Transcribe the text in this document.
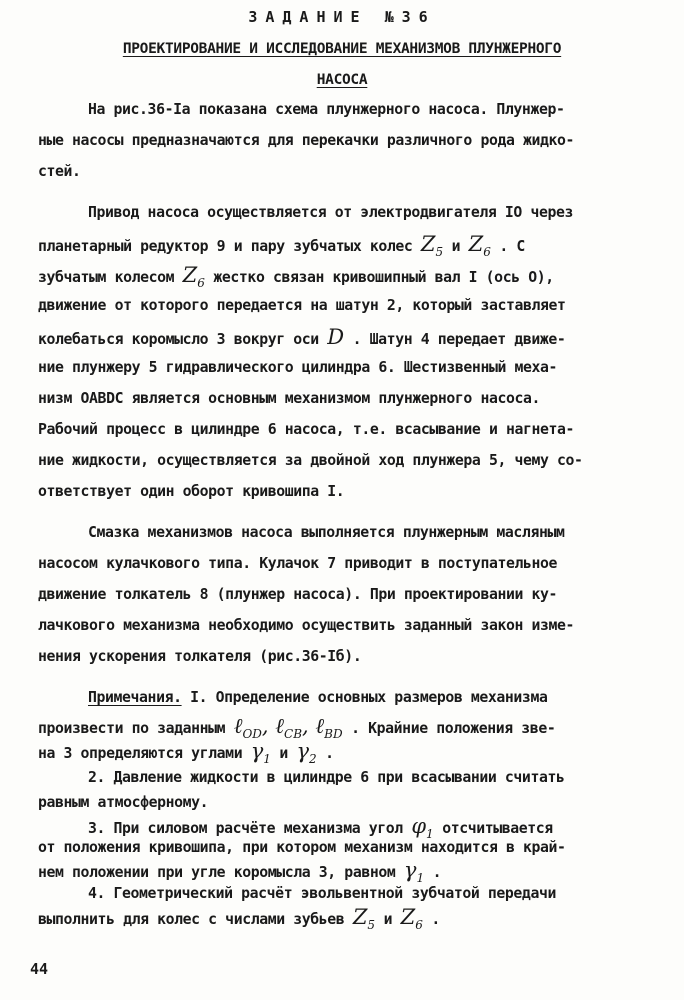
ЗАДАНИЕ №36
ПРОЕКТИРОВАНИЕ И ИССЛЕДОВАНИЕ МЕХАНИЗМОВ ПЛУНЖЕРНОГО
НАСОСА
На рис.36-Iа показана схема плунжерного насоса. Плунжер-
ные насосы предназначаются для перекачки различного рода жидко-
стей.
Привод насоса осуществляется от электродвигателя IO через
планетарный редуктор 9 и пару зубчатых колес $Z_5$ и $Z_6$ . С
зубчатым колесом $Z_6$ жестко связан кривошипный вал I (ось O),
движение от которого передается на шатун 2, который заставляет
колебаться коромысло 3 вокруг оси D . Шатун 4 передает движе-
ние плунжеру 5 гидравлического цилиндра 6. Шестизвенный меха-
низм OABDC является основным механизмом плунжерного насоса.
Рабочий процесс в цилиндре 6 насоса, т.е. всасывание и нагнета-
ние жидкости, осуществляется за двойной ход плунжера 5, чему со-
ответствует один оборот кривошипа I.
Смазка механизмов насоса выполняется плунжерным масляным
насосом кулачкового типа. Кулачок 7 приводит в поступательное
движение толкатель 8 (плунжер насоса). При проектировании ку-
лачкового механизма необходимо осуществить заданный закон изме-
нения ускорения толкателя (рис.36-Iб).
Примечания. I. Определение основных размеров механизма
произвести по заданным ℓ$_{OD}$, ℓ$_{CB}$, ℓ$_{BD}$ . Крайние положения зве-
на 3 определяются углами $\gamma_1$ и $\gamma_2$ .
2. Давление жидкости в цилиндре 6 при всасывании считать
равным атмосферному.
3. При силовом расчёте механизма угол $\varphi_1$ отсчитывается
от положения кривошипа, при котором механизм находится в край-
нем положении при угле коромысла 3, равном $\gamma_1$ .
4. Геометрический расчёт эвольвентной зубчатой передачи
выполнить для колес с числами зубьев $Z_5$ и $Z_6$ .
44
